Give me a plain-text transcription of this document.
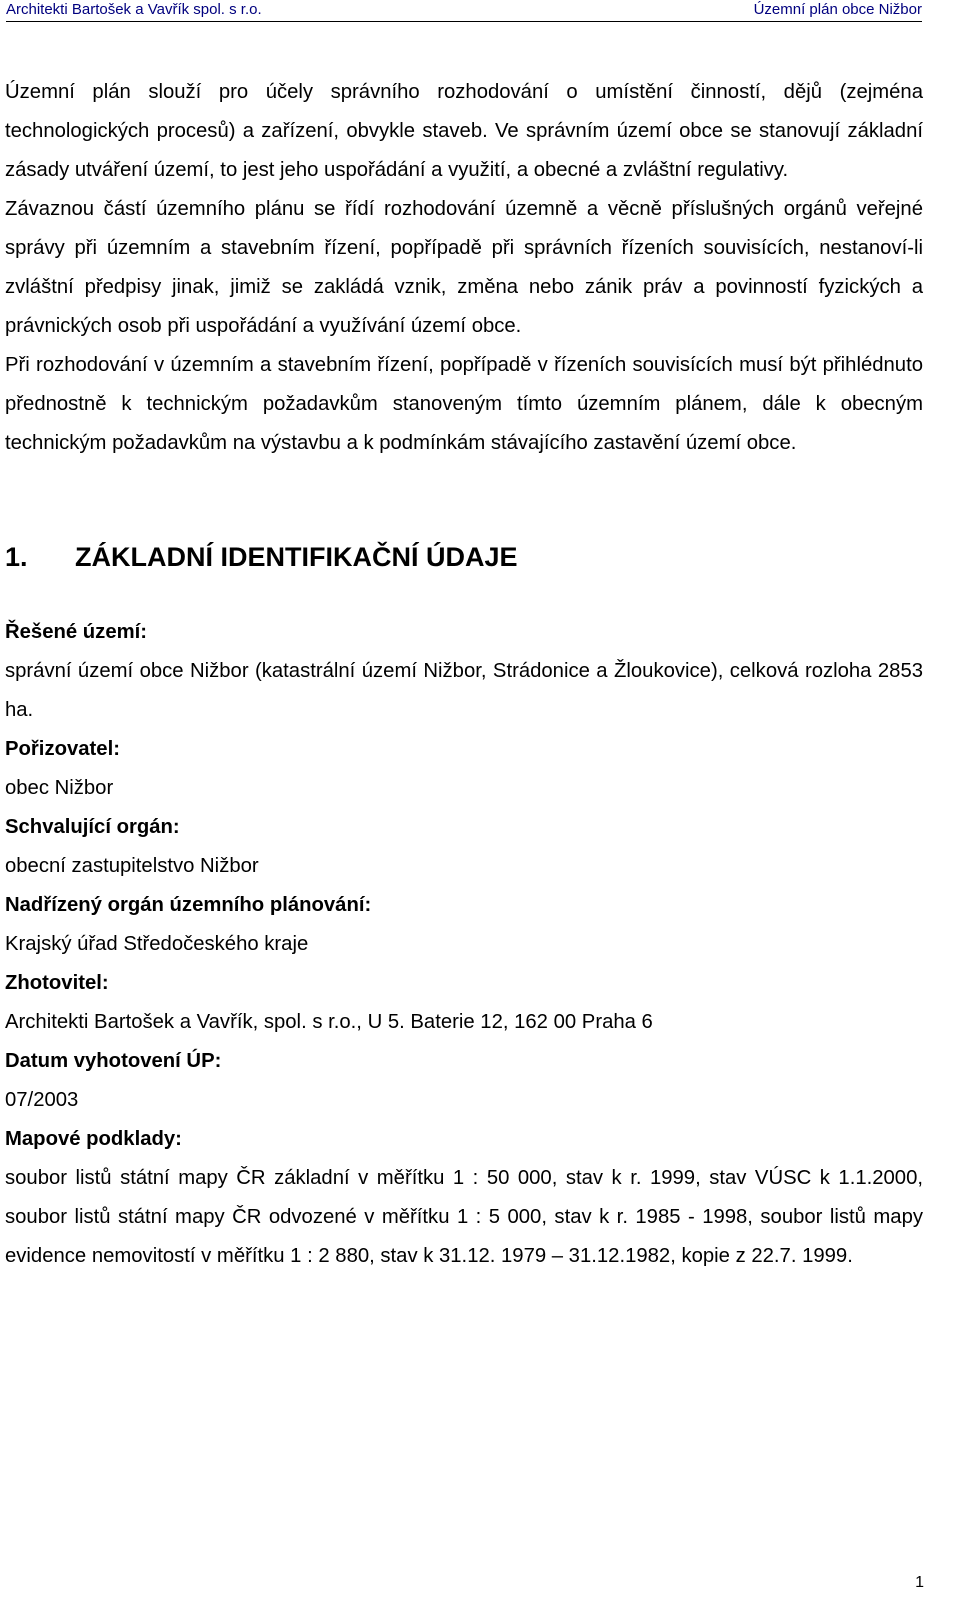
Architekti Bartošek a Vavřík spol. s r.o.	Územní plán obce Nižbor

Územní plán slouží pro účely správního rozhodování o umístění činností, dějů (zejména technologických procesů) a zařízení, obvykle staveb. Ve správním území obce se stanovují základní zásady utváření území, to jest jeho uspořádání a využití, a obecné a zvláštní regulativy.

Závaznou částí územního plánu se řídí rozhodování územně a věcně příslušných orgánů veřejné správy při územním a stavebním řízení, popřípadě při správních řízeních souvisících, nestanoví-li zvláštní předpisy jinak, jimiž se zakládá vznik, změna nebo zánik práv a povinností fyzických a právnických osob při uspořádání a využívání území obce.

Při rozhodování v územním a stavebním řízení, popřípadě v řízeních souvisících musí být přihlédnuto přednostně k technickým požadavkům stanoveným tímto územním plánem, dále k obecným technickým požadavkům na výstavbu a k podmínkám stávajícího zastavění území obce.

1.	ZÁKLADNÍ IDENTIFIKAČNÍ ÚDAJE

Řešené území:

správní území obce Nižbor (katastrální území Nižbor, Strádonice a Žloukovice), celková rozloha 2853 ha.

Pořizovatel:

obec Nižbor

Schvalující orgán:

obecní zastupitelstvo Nižbor

Nadřízený orgán územního plánování:

Krajský úřad Středočeského kraje

Zhotovitel:

Architekti Bartošek a Vavřík, spol. s r.o., U 5. Baterie 12, 162 00 Praha 6

Datum vyhotovení ÚP:

07/2003

Mapové podklady:

soubor listů státní mapy ČR základní v měřítku 1 : 50 000, stav k r. 1999, stav VÚSC k 1.1.2000, soubor listů státní mapy ČR odvozené v měřítku 1 : 5 000, stav k r. 1985 - 1998, soubor listů mapy evidence nemovitostí v měřítku 1 : 2 880, stav k 31.12. 1979 – 31.12.1982, kopie z 22.7. 1999.

1
